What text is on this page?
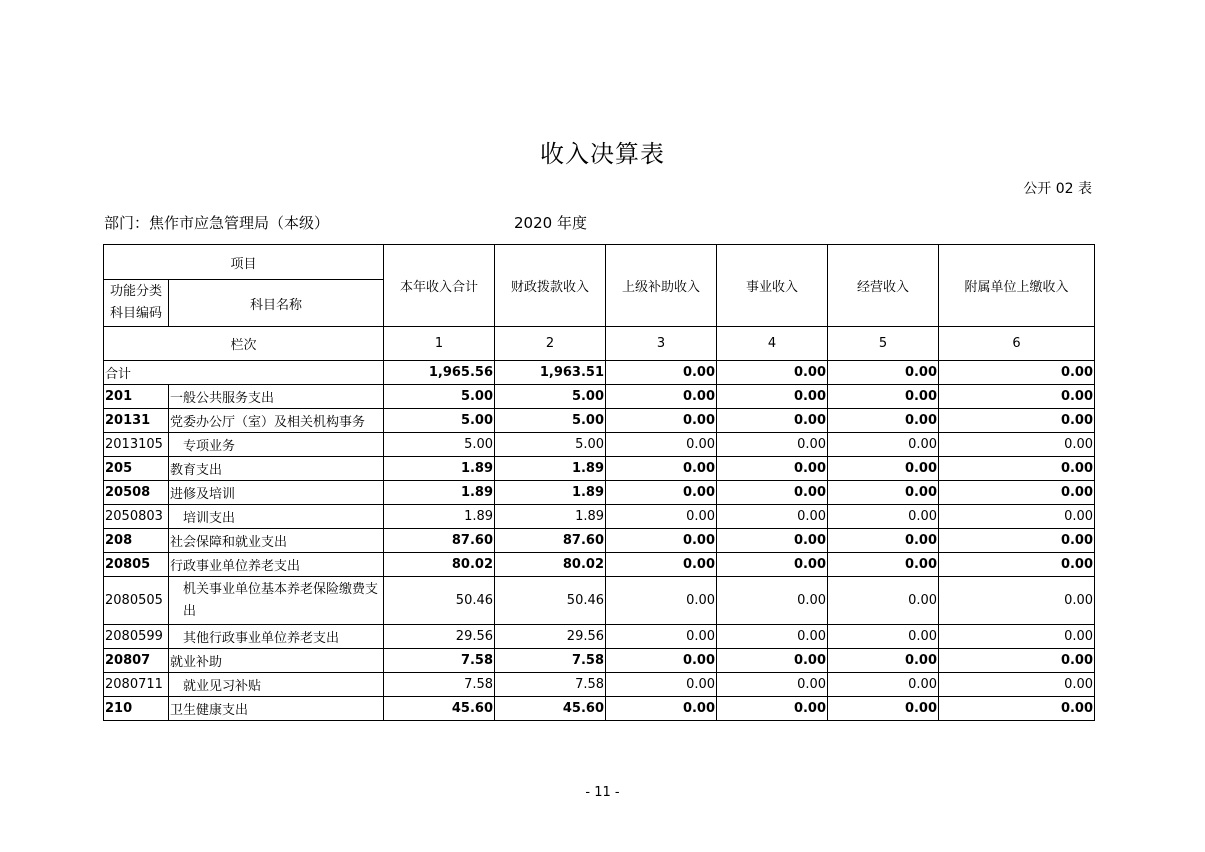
收入决算表
公开 02 表
部门：焦作市应急管理局（本级）	2020 年度
项目		本年收入合计	财政拨款收入	上级补助收入	事业收入	经营收入	附属单位上缴收入
功能分类科目编码	科目名称						
栏次		1	2	3	4	5	6
合计		1,965.56	1,963.51	0.00	0.00	0.00	0.00
201	一般公共服务支出	5.00	5.00	0.00	0.00	0.00	0.00
20131	党委办公厅（室）及相关机构事务	5.00	5.00	0.00	0.00	0.00	0.00
2013105	专项业务	5.00	5.00	0.00	0.00	0.00	0.00
205	教育支出	1.89	1.89	0.00	0.00	0.00	0.00
20508	进修及培训	1.89	1.89	0.00	0.00	0.00	0.00
2050803	培训支出	1.89	1.89	0.00	0.00	0.00	0.00
208	社会保障和就业支出	87.60	87.60	0.00	0.00	0.00	0.00
20805	行政事业单位养老支出	80.02	80.02	0.00	0.00	0.00	0.00
2080505	机关事业单位基本养老保险缴费支出	50.46	50.46	0.00	0.00	0.00	0.00
2080599	其他行政事业单位养老支出	29.56	29.56	0.00	0.00	0.00	0.00
20807	就业补助	7.58	7.58	0.00	0.00	0.00	0.00
2080711	就业见习补贴	7.58	7.58	0.00	0.00	0.00	0.00
210	卫生健康支出	45.60	45.60	0.00	0.00	0.00	0.00
- 11 -
